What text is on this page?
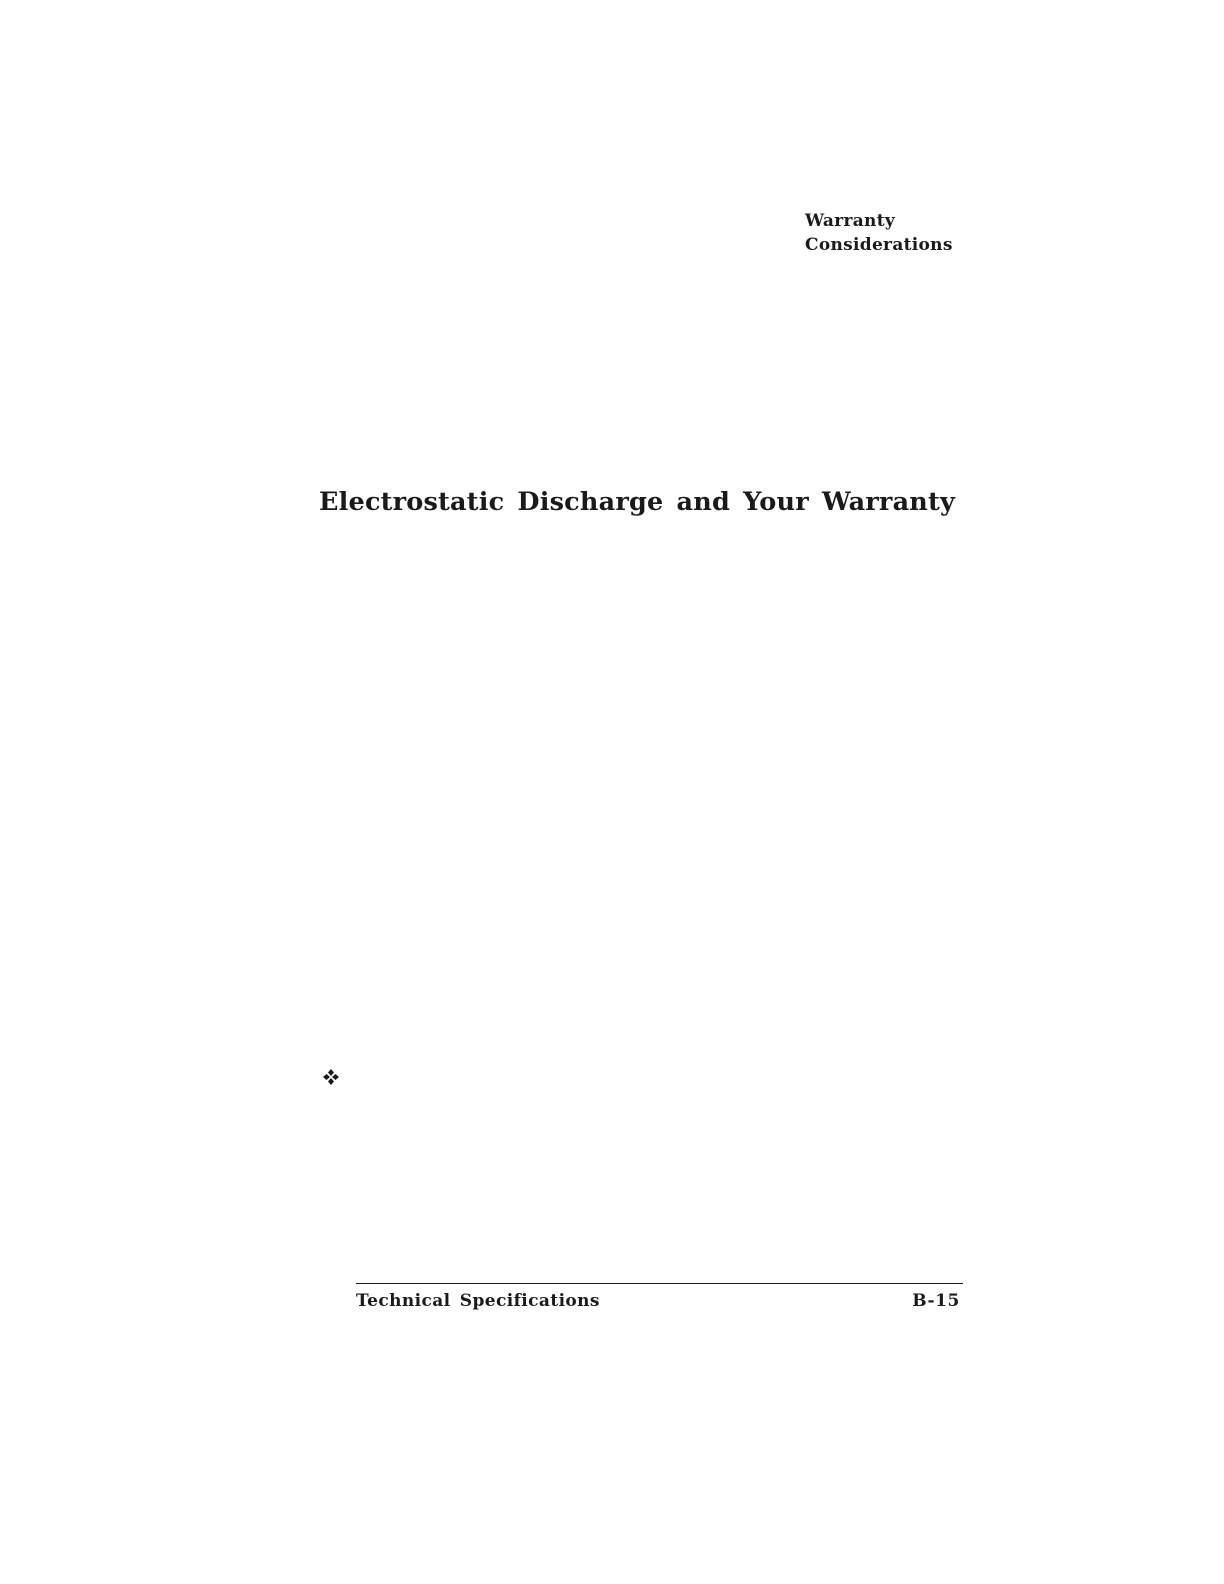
Warranty
Considerations
Electrostatic Discharge and Your Warranty
Technical Specifications	B-15
